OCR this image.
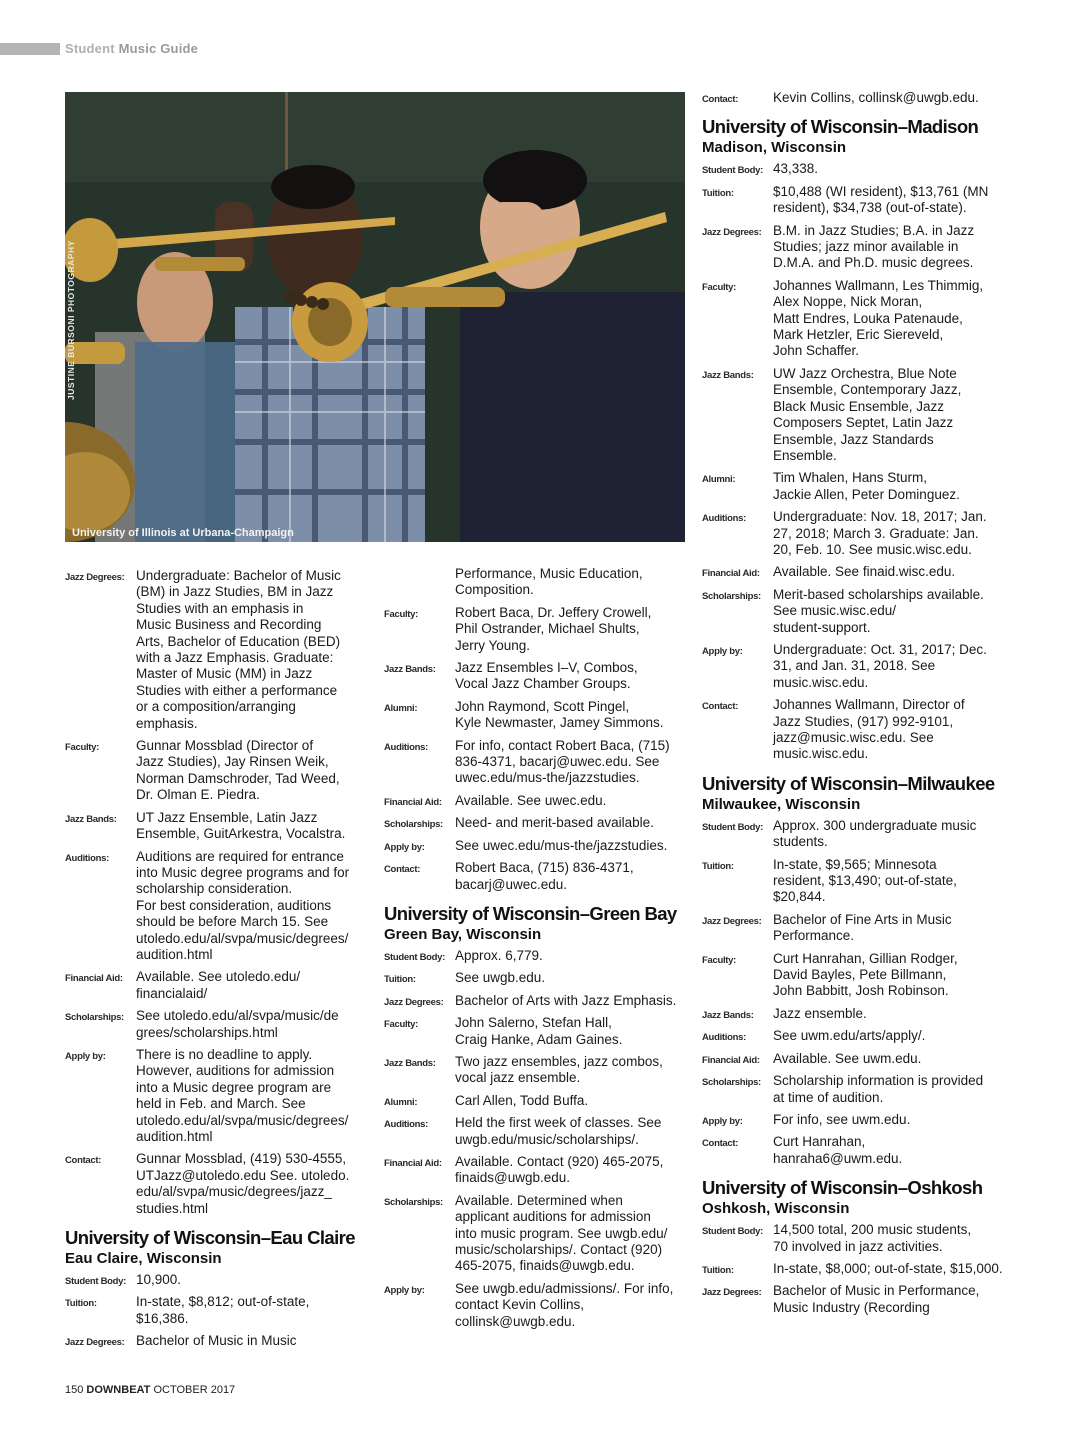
Student Music Guide
JUSTINE BURSONI PHOTOGRAPHY
University of Illinois at Urbana-Champaign
Jazz Degrees: Undergraduate: Bachelor of Music
(BM) in Jazz Studies, BM in Jazz
Studies with an emphasis in
Music Business and Recording
Arts, Bachelor of Education (BED)
with a Jazz Emphasis. Graduate:
Master of Music (MM) in Jazz
Studies with either a performance
or a composition/arranging
emphasis.
Faculty:	Gunnar Mossblad (Director of
Jazz Studies), Jay Rinsen Weik,
Norman Damschroder, Tad Weed,
Dr. Olman E. Piedra.
Jazz Bands:	UT Jazz Ensemble, Latin Jazz
Ensemble, GuitArkestra, Vocalstra.
Auditions:	Auditions are required for entrance
into Music degree programs and for
scholarship consideration.
For best consideration, auditions
should be before March 15. See
utoledo.edu/al/svpa/music/degrees/
audition.html
Financial Aid: Available. See utoledo.edu/
financialaid/
Scholarships: See utoledo.edu/al/svpa/music/de
grees/scholarships.html
Apply by:	There is no deadline to apply.
However, auditions for admission
into a Music degree program are
held in Feb. and March. See
utoledo.edu/al/svpa/music/degrees/
audition.html
Contact:	Gunnar Mossblad, (419) 530-4555,
UTJazz@utoledo.edu See. utoledo.
edu/al/svpa/music/degrees/jazz_
studies.html
University of Wisconsin–Eau Claire
Eau Claire, Wisconsin
Student Body: 10,900.
Tuition:	In-state, $8,812; out-of-state,
$16,386.
Jazz Degrees: Bachelor of Music in Music
Performance, Music Education,
Composition.
Faculty:	Robert Baca, Dr. Jeffery Crowell,
Phil Ostrander, Michael Shults,
Jerry Young.
Jazz Bands:	Jazz Ensembles I–V, Combos,
Vocal Jazz Chamber Groups.
Alumni:	John Raymond, Scott Pingel,
Kyle Newmaster, Jamey Simmons.
Auditions:	For info, contact Robert Baca, (715)
836-4371, bacarj@uwec.edu. See
uwec.edu/mus-the/jazzstudies.
Financial Aid: Available. See uwec.edu.
Scholarships: Need- and merit-based available.
Apply by:	See uwec.edu/mus-the/jazzstudies.
Contact:	Robert Baca, (715) 836-4371,
bacarj@uwec.edu.
University of Wisconsin–Green Bay
Green Bay, Wisconsin
Student Body: Approx. 6,779.
Tuition:	See uwgb.edu.
Jazz Degrees: Bachelor of Arts with Jazz Emphasis.
Faculty:	John Salerno, Stefan Hall,
Craig Hanke, Adam Gaines.
Jazz Bands:	Two jazz ensembles, jazz combos,
vocal jazz ensemble.
Alumni:	Carl Allen, Todd Buffa.
Auditions:	Held the first week of classes. See
uwgb.edu/music/scholarships/.
Financial Aid: Available. Contact (920) 465-2075,
finaids@uwgb.edu.
Scholarships: Available. Determined when
applicant auditions for admission
into music program. See uwgb.edu/
music/scholarships/. Contact (920)
465-2075, finaids@uwgb.edu.
Apply by:	See uwgb.edu/admissions/. For info,
contact Kevin Collins,
collinsk@uwgb.edu.
Contact:	Kevin Collins, collinsk@uwgb.edu.
University of Wisconsin–Madison
Madison, Wisconsin
Student Body: 43,338.
Tuition:	$10,488 (WI resident), $13,761 (MN
resident), $34,738 (out-of-state).
Jazz Degrees: B.M. in Jazz Studies; B.A. in Jazz
Studies; jazz minor available in
D.M.A. and Ph.D. music degrees.
Faculty:	Johannes Wallmann, Les Thimmig,
Alex Noppe, Nick Moran,
Matt Endres, Louka Patenaude,
Mark Hetzler, Eric Siereveld,
John Schaffer.
Jazz Bands:	UW Jazz Orchestra, Blue Note
Ensemble, Contemporary Jazz,
Black Music Ensemble, Jazz
Composers Septet, Latin Jazz
Ensemble, Jazz Standards
Ensemble.
Alumni:	Tim Whalen, Hans Sturm,
Jackie Allen, Peter Dominguez.
Auditions:	Undergraduate: Nov. 18, 2017; Jan.
27, 2018; March 3. Graduate: Jan.
20, Feb. 10. See music.wisc.edu.
Financial Aid: Available. See finaid.wisc.edu.
Scholarships: Merit-based scholarships available.
See music.wisc.edu/
student-support.
Apply by:	Undergraduate: Oct. 31, 2017; Dec.
31, and Jan. 31, 2018. See
music.wisc.edu.
Contact:	Johannes Wallmann, Director of
Jazz Studies, (917) 992-9101,
jazz@music.wisc.edu. See
music.wisc.edu.
University of Wisconsin–Milwaukee
Milwaukee, Wisconsin
Student Body: Approx. 300 undergraduate music
students.
Tuition:	In-state, $9,565; Minnesota
resident, $13,490; out-of-state,
$20,844.
Jazz Degrees: Bachelor of Fine Arts in Music
Performance.
Faculty:	Curt Hanrahan, Gillian Rodger,
David Bayles, Pete Billmann,
John Babbitt, Josh Robinson.
Jazz Bands:	Jazz ensemble.
Auditions:	See uwm.edu/arts/apply/.
Financial Aid: Available. See uwm.edu.
Scholarships: Scholarship information is provided
at time of audition.
Apply by:	For info, see uwm.edu.
Contact:	Curt Hanrahan,
hanraha6@uwm.edu.
University of Wisconsin–Oshkosh
Oshkosh, Wisconsin
Student Body: 14,500 total, 200 music students,
70 involved in jazz activities.
Tuition:	In-state, $8,000; out-of-state, $15,000.
Jazz Degrees: Bachelor of Music in Performance,
Music Industry (Recording
150 DOWNBEAT OCTOBER 2017
